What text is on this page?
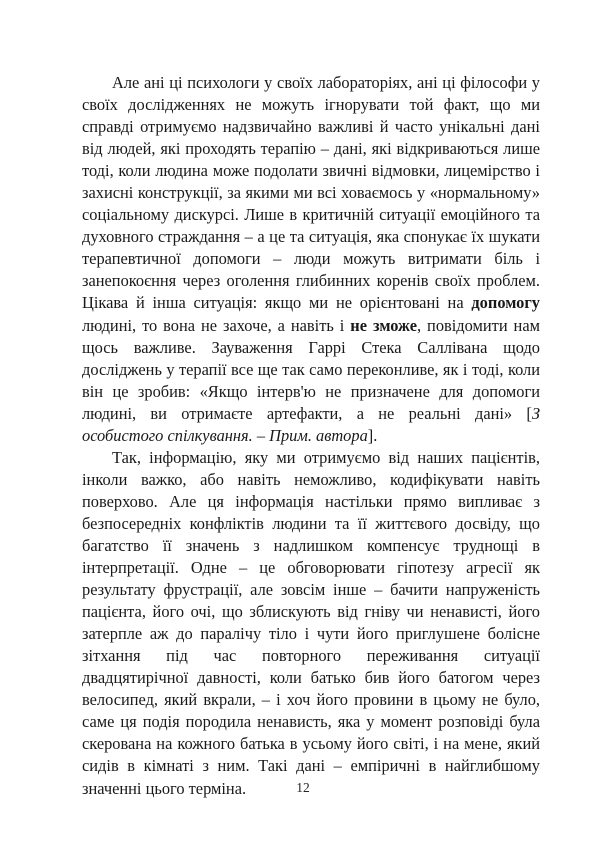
Але ані ці психологи у своїх лабораторіях, ані ці філософи у своїх дослідженнях не можуть ігнорувати той факт, що ми справді отримуємо надзвичайно важливі й часто унікальні дані від людей, які проходять терапію – дані, які відкриваються лише тоді, коли людина може подолати звичні відмовки, лицемірство і захисні конструкції, за якими ми всі ховаємось у «нормальному» соціальному дискурсі. Лише в критичній ситуації емоційного та духовного страждання – а це та ситуація, яка спонукає їх шукати терапевтичної допомоги – люди можуть витримати біль і занепокоєння через оголення глибинних коренів своїх проблем. Цікава й інша ситуація: якщо ми не орієнтовані на допомогу людині, то вона не захоче, а навіть і не зможе, повідомити нам щось важливе. Зауваження Гаррі Стека Саллівана щодо досліджень у терапії все ще так само переконливе, як і тоді, коли він це зробив: «Якщо інтерв'ю не призначене для допомоги людині, ви отримаєте артефакти, а не реальні дані» [З особистого спілкування. – Прим. автора].

Так, інформацію, яку ми отримуємо від наших пацієнтів, інколи важко, або навіть неможливо, кодифікувати навіть поверхово. Але ця інформація настільки прямо випливає з безпосередніх конфліктів людини та її життєвого досвіду, що багатство її значень з надлишком компенсує труднощі в інтерпретації. Одне – це обговорювати гіпотезу агресії як результату фрустрації, але зовсім інше – бачити напруженість пацієнта, його очі, що зблискують від гніву чи ненависті, його затерпле аж до паралічу тіло і чути його приглушене болісне зітхання під час повторного переживання ситуації двадцятирічної давності, коли батько бив його батогом через велосипед, який вкрали, – і хоч його провини в цьому не було, саме ця подія породила ненависть, яка у момент розповіді була скерована на кожного батька в усьому його світі, і на мене, який сидів в кімнаті з ним. Такі дані – емпіричні в найглибшому значенні цього терміна.	12
